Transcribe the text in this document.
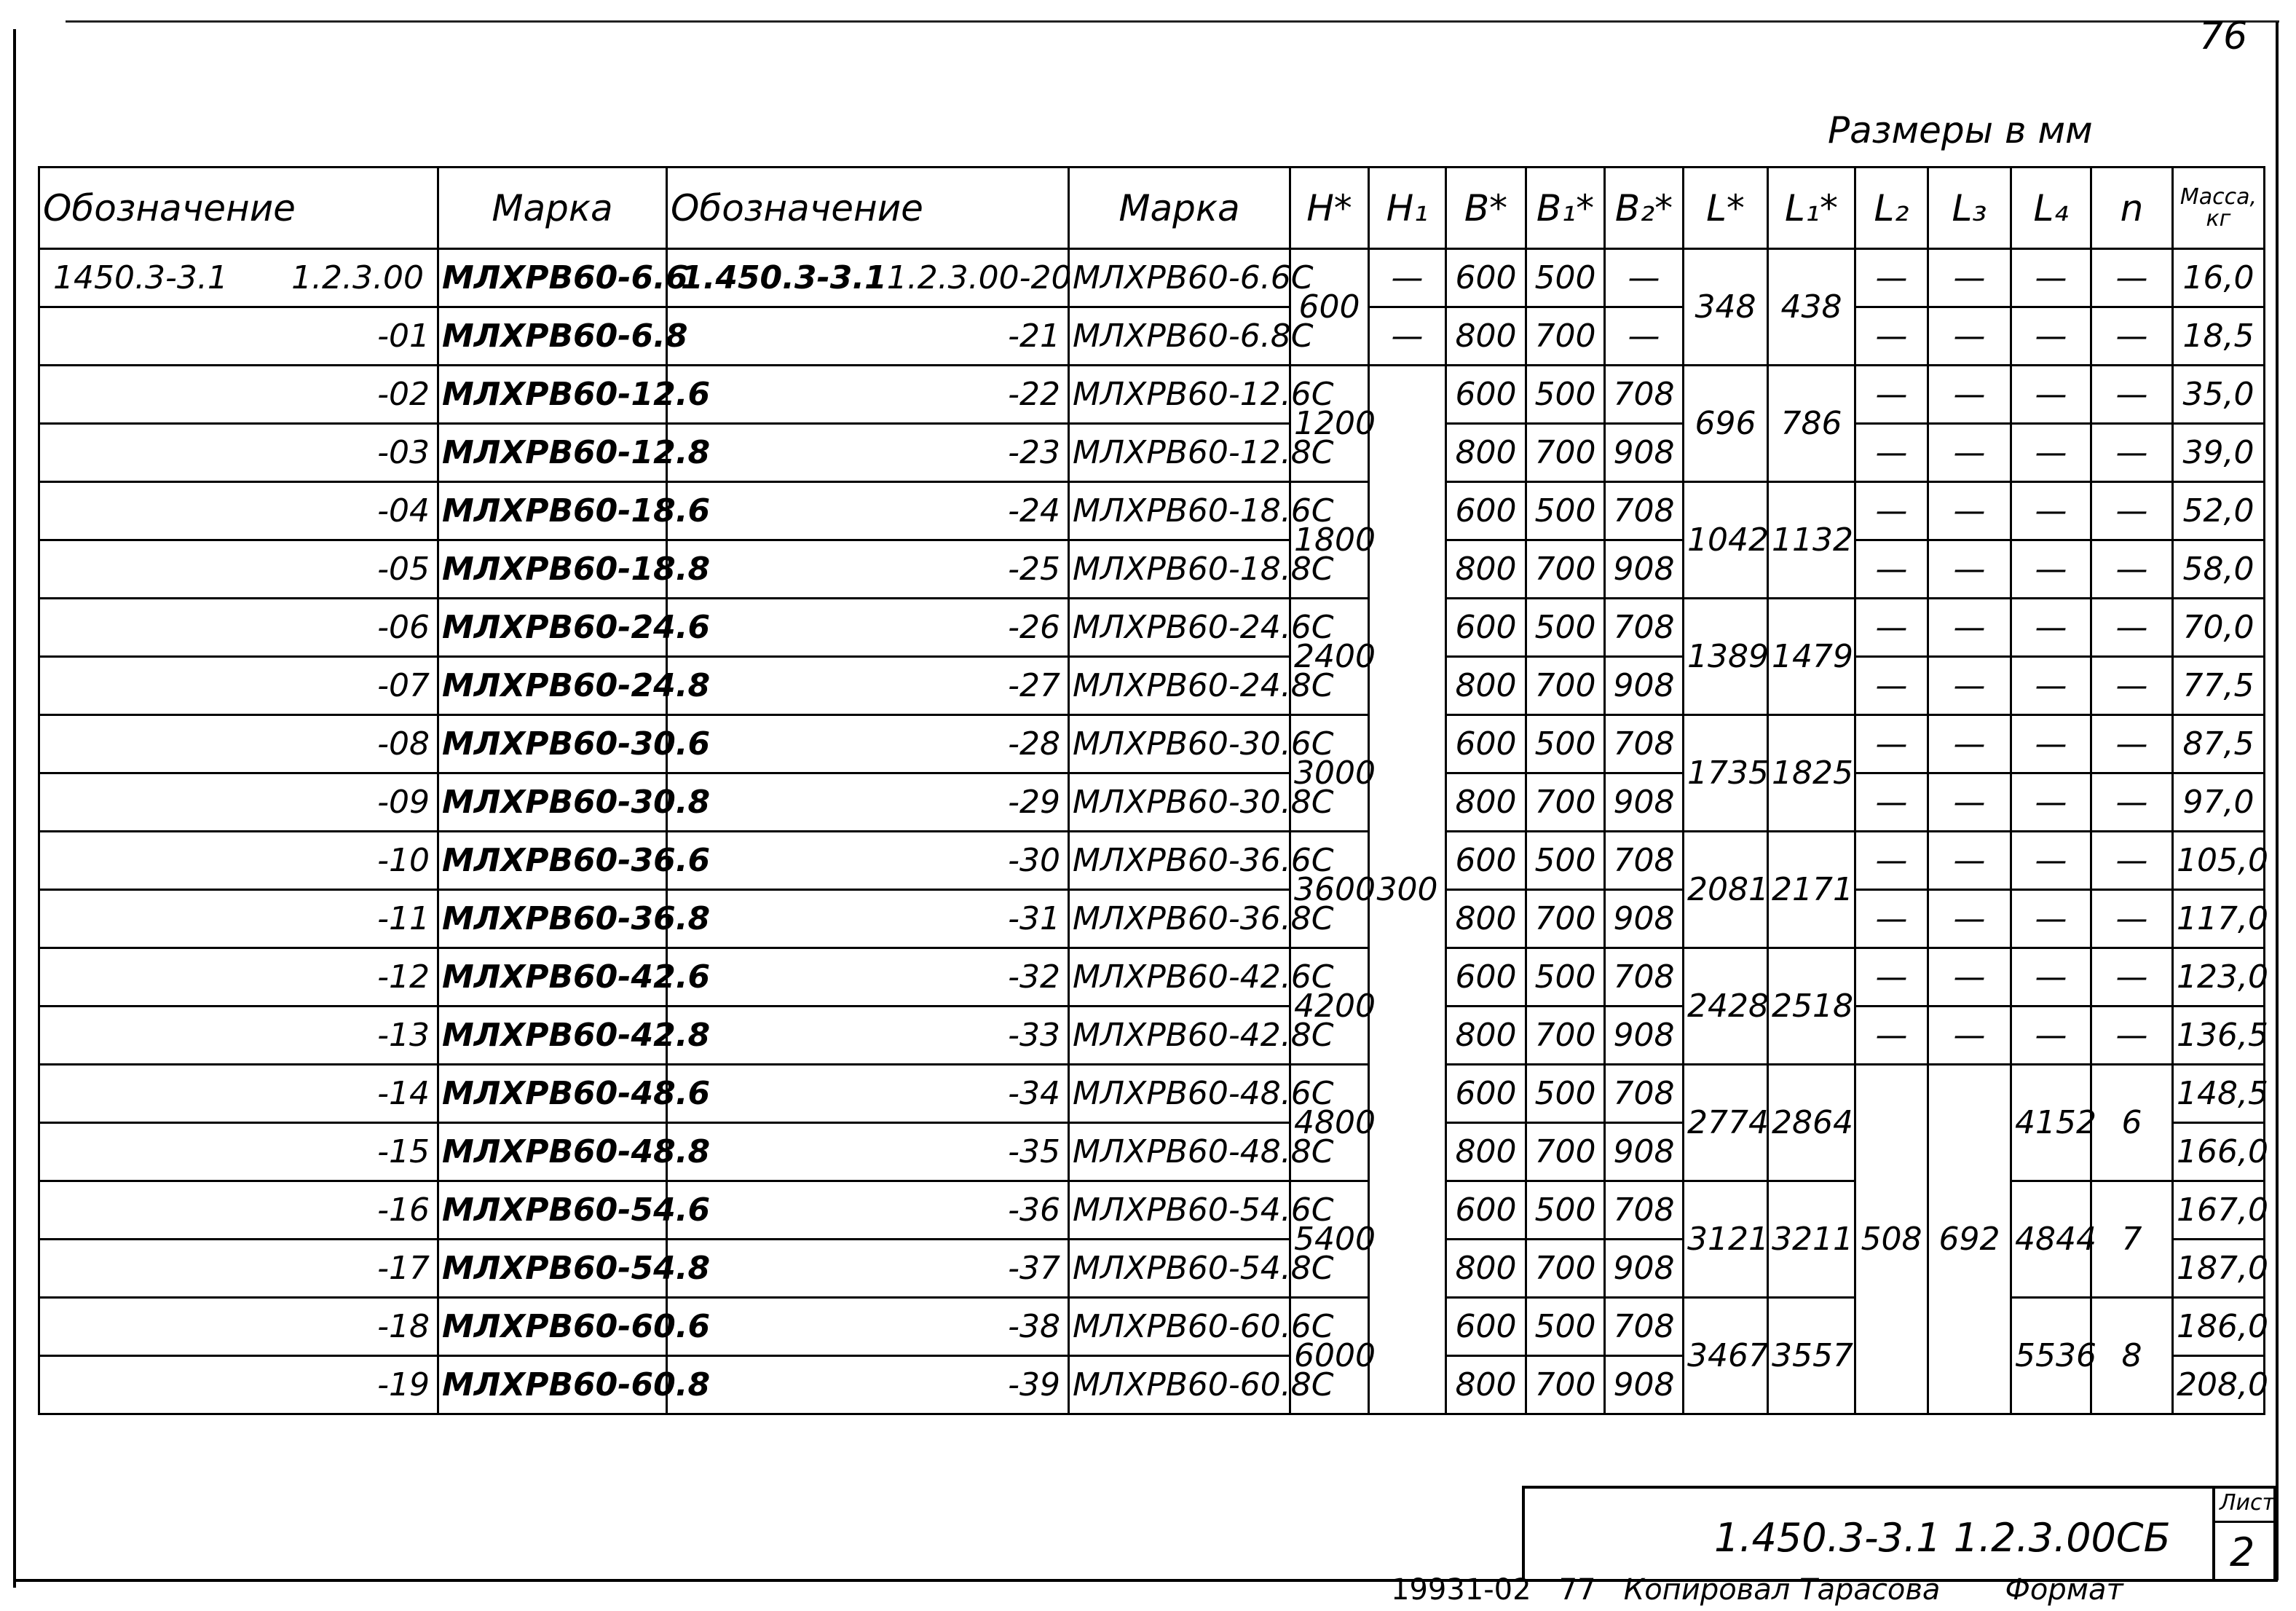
76
Размеры в мм
Обозначение	Марка	Обозначение	Марка	H*	H₁	B*	B₁*	B₂*	L*	L₁*	L₂	L₃	L₄	n	Масса, кг

1450.3-3.1 1.2.3.00	МЛХРВ60-6.6	1.450.3-3.1 1.2.3.00-20	МЛХРВ60-6.6С	600	—	600	500	—	348	438	—	—	—	—	16,0
-01	МЛХРВ60-6.8	-21	МЛХРВ60-6.8С		—	800	700	—			—	—	—	—	18,5
-02	МЛХРВ60-12.6	-22	МЛХРВ60-12.6С	1200	300	600	500	708	696	786	—	—	—	—	35,0
-03	МЛХРВ60-12.8	-23	МЛХРВ60-12.8С			800	700	908			—	—	—	—	39,0
-04	МЛХРВ60-18.6	-24	МЛХРВ60-18.6С	1800		600	500	708	1042	1132	—	—	—	—	52,0
-05	МЛХРВ60-18.8	-25	МЛХРВ60-18.8С			800	700	908			—	—	—	—	58,0
-06	МЛХРВ60-24.6	-26	МЛХРВ60-24.6С	2400		600	500	708	1389	1479	—	—	—	—	70,0
-07	МЛХРВ60-24.8	-27	МЛХРВ60-24.8С			800	700	908			—	—	—	—	77,5
-08	МЛХРВ60-30.6	-28	МЛХРВ60-30.6С	3000		600	500	708	1735	1825	—	—	—	—	87,5
-09	МЛХРВ60-30.8	-29	МЛХРВ60-30.8С			800	700	908			—	—	—	—	97,0
-10	МЛХРВ60-36.6	-30	МЛХРВ60-36.6С	3600		600	500	708	2081	2171	—	—	—	—	105,0
-11	МЛХРВ60-36.8	-31	МЛХРВ60-36.8С			800	700	908			—	—	—	—	117,0
-12	МЛХРВ60-42.6	-32	МЛХРВ60-42.6С	4200		600	500	708	2428	2518	—	—	—	—	123,0
-13	МЛХРВ60-42.8	-33	МЛХРВ60-42.8С			800	700	908			—	—	—	—	136,5
-14	МЛХРВ60-48.6	-34	МЛХРВ60-48.6С	4800		600	500	708	2774	2864	508	692	4152	6	148,5
-15	МЛХРВ60-48.8	-35	МЛХРВ60-48.8С			800	700	908							166,0
-16	МЛХРВ60-54.6	-36	МЛХРВ60-54.6С	5400		600	500	708	3121	3211			4844	7	167,0
-17	МЛХРВ60-54.8	-37	МЛХРВ60-54.8С			800	700	908							187,0
-18	МЛХРВ60-60.6	-38	МЛХРВ60-60.6С	6000		600	500	708	3467	3557			5536	8	186,0
-19	МЛХРВ60-60.8	-39	МЛХРВ60-60.8С			800	700	908							208,0
1.450.3-3.1 1.2.3.00СБ
Лист
2
19931-02 77 Копировал Тарасова Формат
